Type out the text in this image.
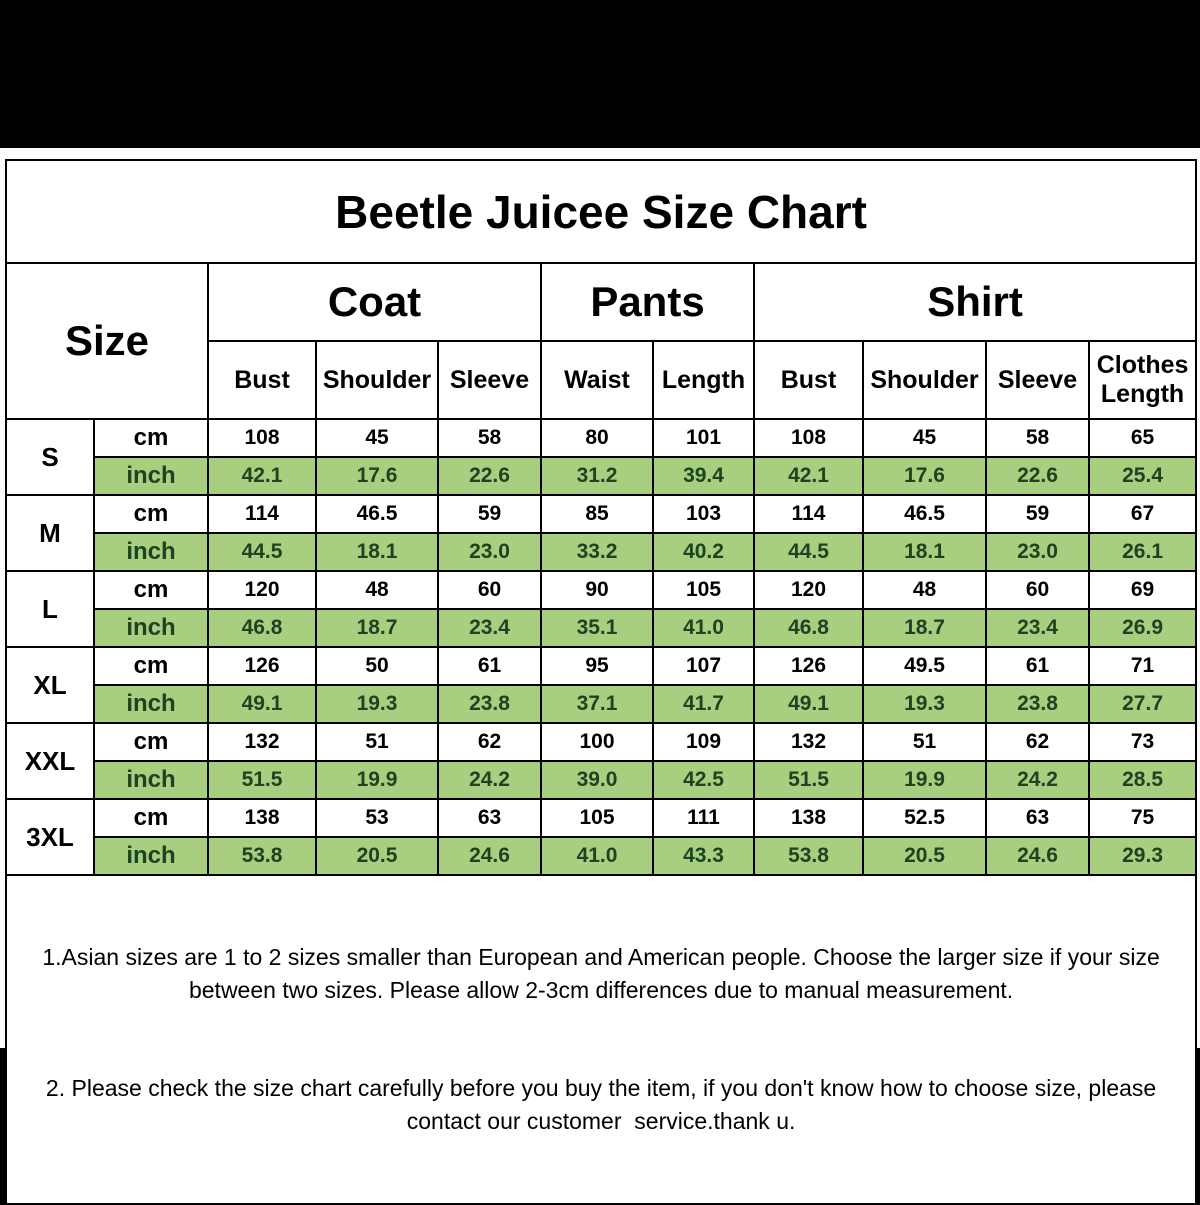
Beetle Juicee Size Chart										
Size		Coat			Pants		Shirt			
		Bust	Shoulder	Sleeve	Waist	Length	Bust	Shoulder	Sleeve	Clothes Length
S	cm	108	45	58	80	101	108	45	58	65
	inch	42.1	17.6	22.6	31.2	39.4	42.1	17.6	22.6	25.4
M	cm	114	46.5	59	85	103	114	46.5	59	67
	inch	44.5	18.1	23.0	33.2	40.2	44.5	18.1	23.0	26.1
L	cm	120	48	60	90	105	120	48	60	69
	inch	46.8	18.7	23.4	35.1	41.0	46.8	18.7	23.4	26.9
XL	cm	126	50	61	95	107	126	49.5	61	71
	inch	49.1	19.3	23.8	37.1	41.7	49.1	19.3	23.8	27.7
XXL	cm	132	51	62	100	109	132	51	62	73
	inch	51.5	19.9	24.2	39.0	42.5	51.5	19.9	24.2	28.5
3XL	cm	138	53	63	105	111	138	52.5	63	75
	inch	53.8	20.5	24.6	41.0	43.3	53.8	20.5	24.6	29.3

1.Asian sizes are 1 to 2 sizes smaller than European and American people. Choose the larger size if your size between two sizes. Please allow 2-3cm differences due to manual measurement.

2. Please check the size chart carefully before you buy the item, if you don't know how to choose size, please contact our customer  service.thank u.										
